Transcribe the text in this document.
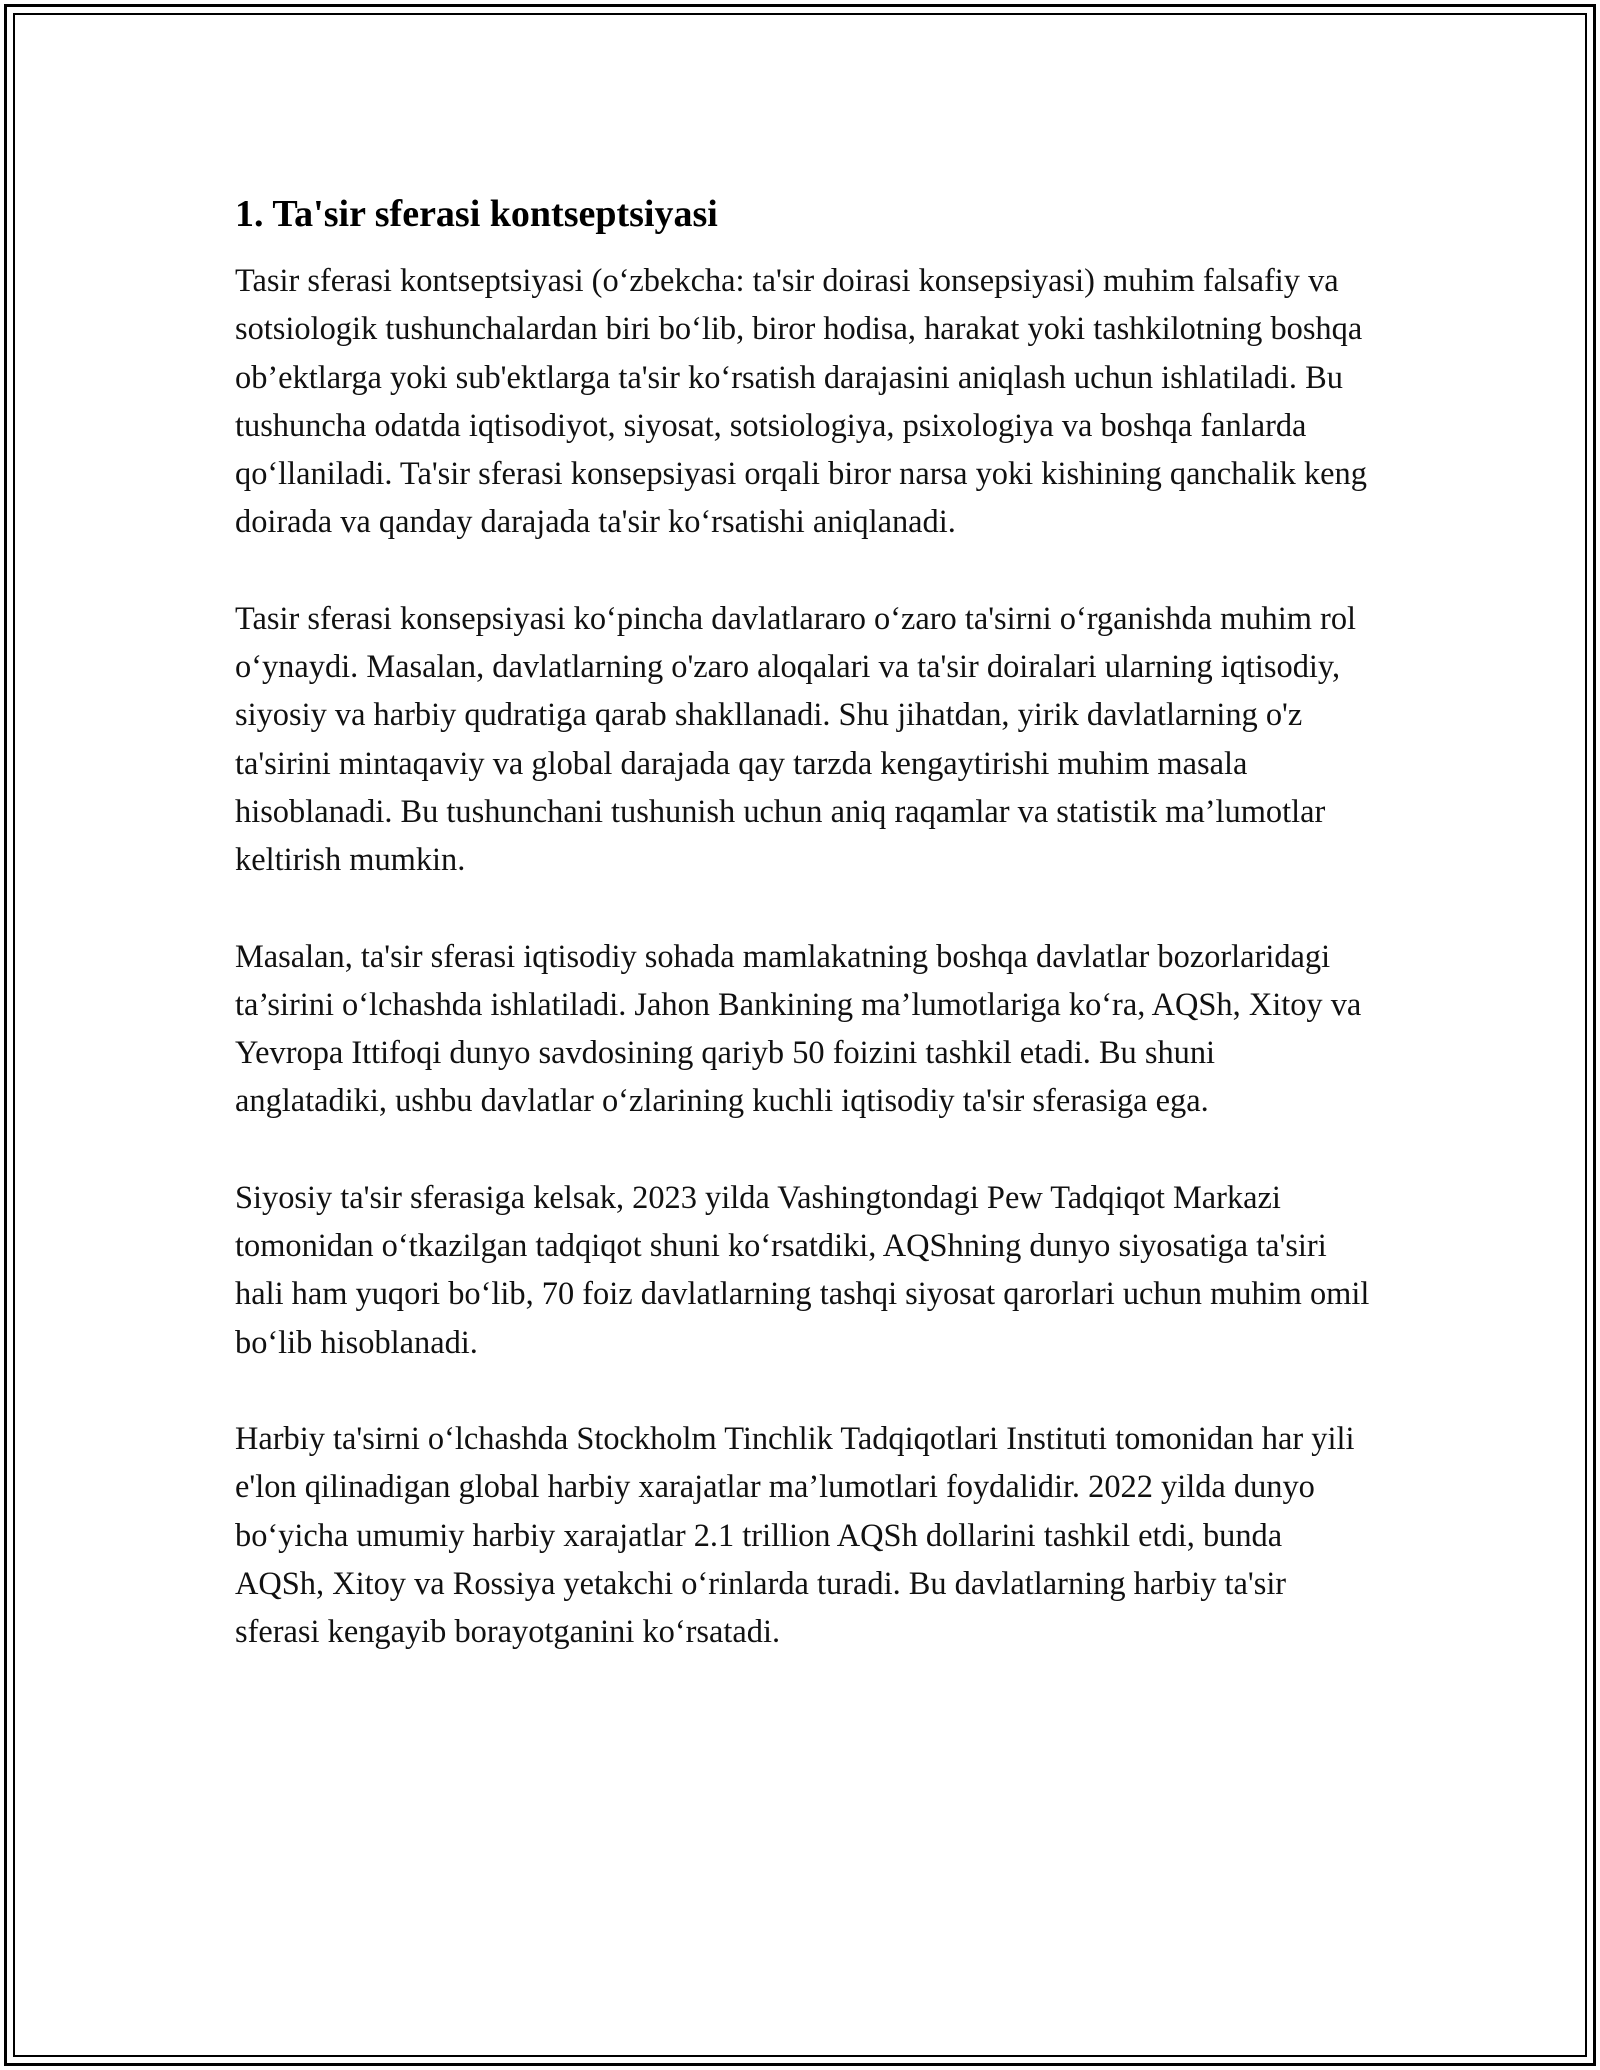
1. Ta'sir sferasi kontseptsiyasi

Tasir sferasi kontseptsiyasi (o‘zbekcha: ta'sir doirasi konsepsiyasi) muhim falsafiy va sotsiologik tushunchalardan biri bo‘lib, biror hodisa, harakat yoki tashkilotning boshqa ob’ektlarga yoki sub'ektlarga ta'sir ko‘rsatish darajasini aniqlash uchun ishlatiladi. Bu tushuncha odatda iqtisodiyot, siyosat, sotsiologiya, psixologiya va boshqa fanlarda qo‘llaniladi. Ta'sir sferasi konsepsiyasi orqali biror narsa yoki kishining qanchalik keng doirada va qanday darajada ta'sir ko‘rsatishi aniqlanadi.

Tasir sferasi konsepsiyasi ko‘pincha davlatlararo o‘zaro ta'sirni o‘rganishda muhim rol o‘ynaydi. Masalan, davlatlarning o'zaro aloqalari va ta'sir doiralari ularning iqtisodiy, siyosiy va harbiy qudratiga qarab shakllanadi. Shu jihatdan, yirik davlatlarning o'z ta'sirini mintaqaviy va global darajada qay tarzda kengaytirishi muhim masala hisoblanadi. Bu tushunchani tushunish uchun aniq raqamlar va statistik ma’lumotlar keltirish mumkin.

Masalan, ta'sir sferasi iqtisodiy sohada mamlakatning boshqa davlatlar bozorlaridagi ta’sirini o‘lchashda ishlatiladi. Jahon Bankining ma’lumotlariga ko‘ra, AQSh, Xitoy va Yevropa Ittifoqi dunyo savdosining qariyb 50 foizini tashkil etadi. Bu shuni anglatadiki, ushbu davlatlar o‘zlarining kuchli iqtisodiy ta'sir sferasiga ega.

Siyosiy ta'sir sferasiga kelsak, 2023 yilda Vashingtondagi Pew Tadqiqot Markazi tomonidan o‘tkazilgan tadqiqot shuni ko‘rsatdiki, AQShning dunyo siyosatiga ta'siri hali ham yuqori bo‘lib, 70 foiz davlatlarning tashqi siyosat qarorlari uchun muhim omil bo‘lib hisoblanadi.

Harbiy ta'sirni o‘lchashda Stockholm Tinchlik Tadqiqotlari Instituti tomonidan har yili e'lon qilinadigan global harbiy xarajatlar ma’lumotlari foydalidir. 2022 yilda dunyo bo‘yicha umumiy harbiy xarajatlar 2.1 trillion AQSh dollarini tashkil etdi, bunda AQSh, Xitoy va Rossiya yetakchi o‘rinlarda turadi. Bu davlatlarning harbiy ta'sir sferasi kengayib borayotganini ko‘rsatadi.
